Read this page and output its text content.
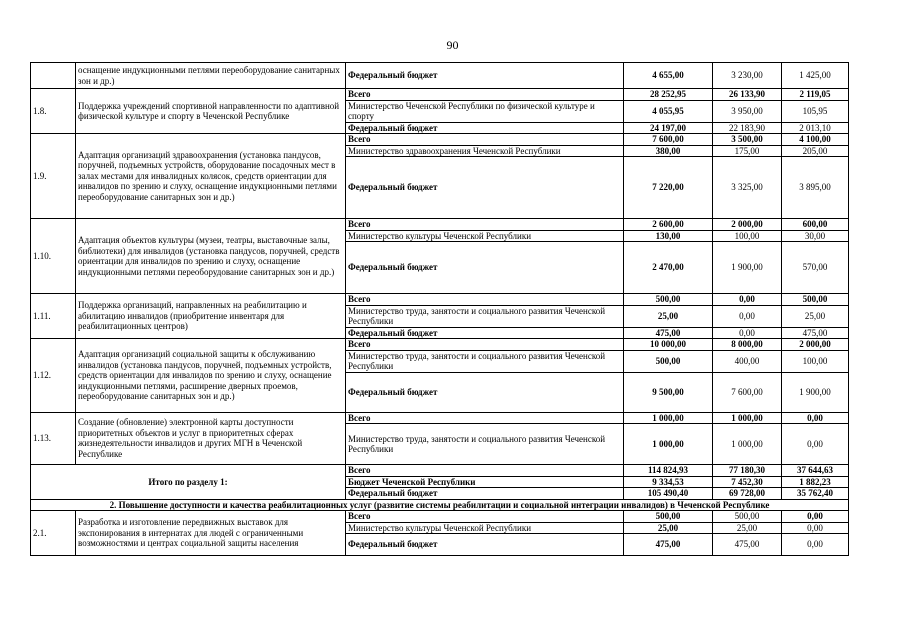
90
	оснащение индукционными петлями переоборудование санитарных зон и др.)	Федеральный бюджет	4 655,00	3 230,00	1 425,00
1.8.	Поддержка учреждений спортивной направленности по адаптивной физической культуре и спорту в Чеченской Республике	Всего	28 252,95	26 133,90	2 119,05
		Министерство Чеченской Республики по физической культуре и спорту	4 055,95	3 950,00	105,95
		Федеральный бюджет	24 197,00	22 183,90	2 013,10
1.9.	Адаптация организаций здравоохранения (установка пандусов, поручней, подъемных устройств, оборудование посадочных мест в залах местами для инвалидных колясок, средств ориентации для инвалидов по зрению и слуху, оснащение индукционными петлями переоборудование санитарных зон и др.)	Всего	7 600,00	3 500,00	4 100,00
		Министерство здравоохранения Чеченской Республики	380,00	175,00	205,00
		Федеральный бюджет	7 220,00	3 325,00	3 895,00
1.10.	Адаптация объектов культуры (музеи, театры, выставочные залы, библиотеки) для инвалидов (установка пандусов, поручней, средств ориентации для инвалидов по зрению и слуху, оснащение индукционными петлями переоборудование санитарных зон и др.)	Всего	2 600,00	2 000,00	600,00
		Министерство культуры Чеченской Республики	130,00	100,00	30,00
		Федеральный бюджет	2 470,00	1 900,00	570,00
1.11.	Поддержка организаций, направленных на реабилитацию и абилитацию инвалидов (приобритение инвентаря для реабилитационных центров)	Всего	500,00	0,00	500,00
		Министерство труда, занятости и социального развития Чеченской Республики	25,00	0,00	25,00
		Федеральный бюджет	475,00	0,00	475,00
1.12.	Адаптация организаций социальной защиты к обслуживанию инвалидов (установка пандусов, поручней, подъемных устройств, средств ориентации для инвалидов по зрению и слуху, оснащение индукционными петлями, расширение дверных проемов, переоборудование санитарных зон и др.)	Всего	10 000,00	8 000,00	2 000,00
		Министерство труда, занятости и социального развития Чеченской Республики	500,00	400,00	100,00
		Федеральный бюджет	9 500,00	7 600,00	1 900,00
1.13.	Создание (обновление) электронной карты доступности приоритетных объектов и услуг в приоритетных сферах жизнедеятельности инвалидов и других МГН в Чеченской Республике	Всего	1 000,00	1 000,00	0,00
		Министерство труда, занятости и социального развития Чеченской Республики	1 000,00	1 000,00	0,00
Итого по разделу 1:		Всего	114 824,93	77 180,30	37 644,63
		Бюджет Чеченской Республики	9 334,53	7 452,30	1 882,23
		Федеральный бюджет	105 490,40	69 728,00	35 762,40
2. Повышение доступности и качества реабилитационных услуг (развитие системы реабилитации и социальной интеграции инвалидов) в Чеченской Республике					
2.1.	Разработка и изготовление передвижных выставок для экспонирования в интернатах для людей с ограниченными возможностями и центрах социальной защиты населения	Всего	500,00	500,00	0,00
		Министерство культуры Чеченской Республики	25,00	25,00	0,00
		Федеральный бюджет	475,00	475,00	0,00
